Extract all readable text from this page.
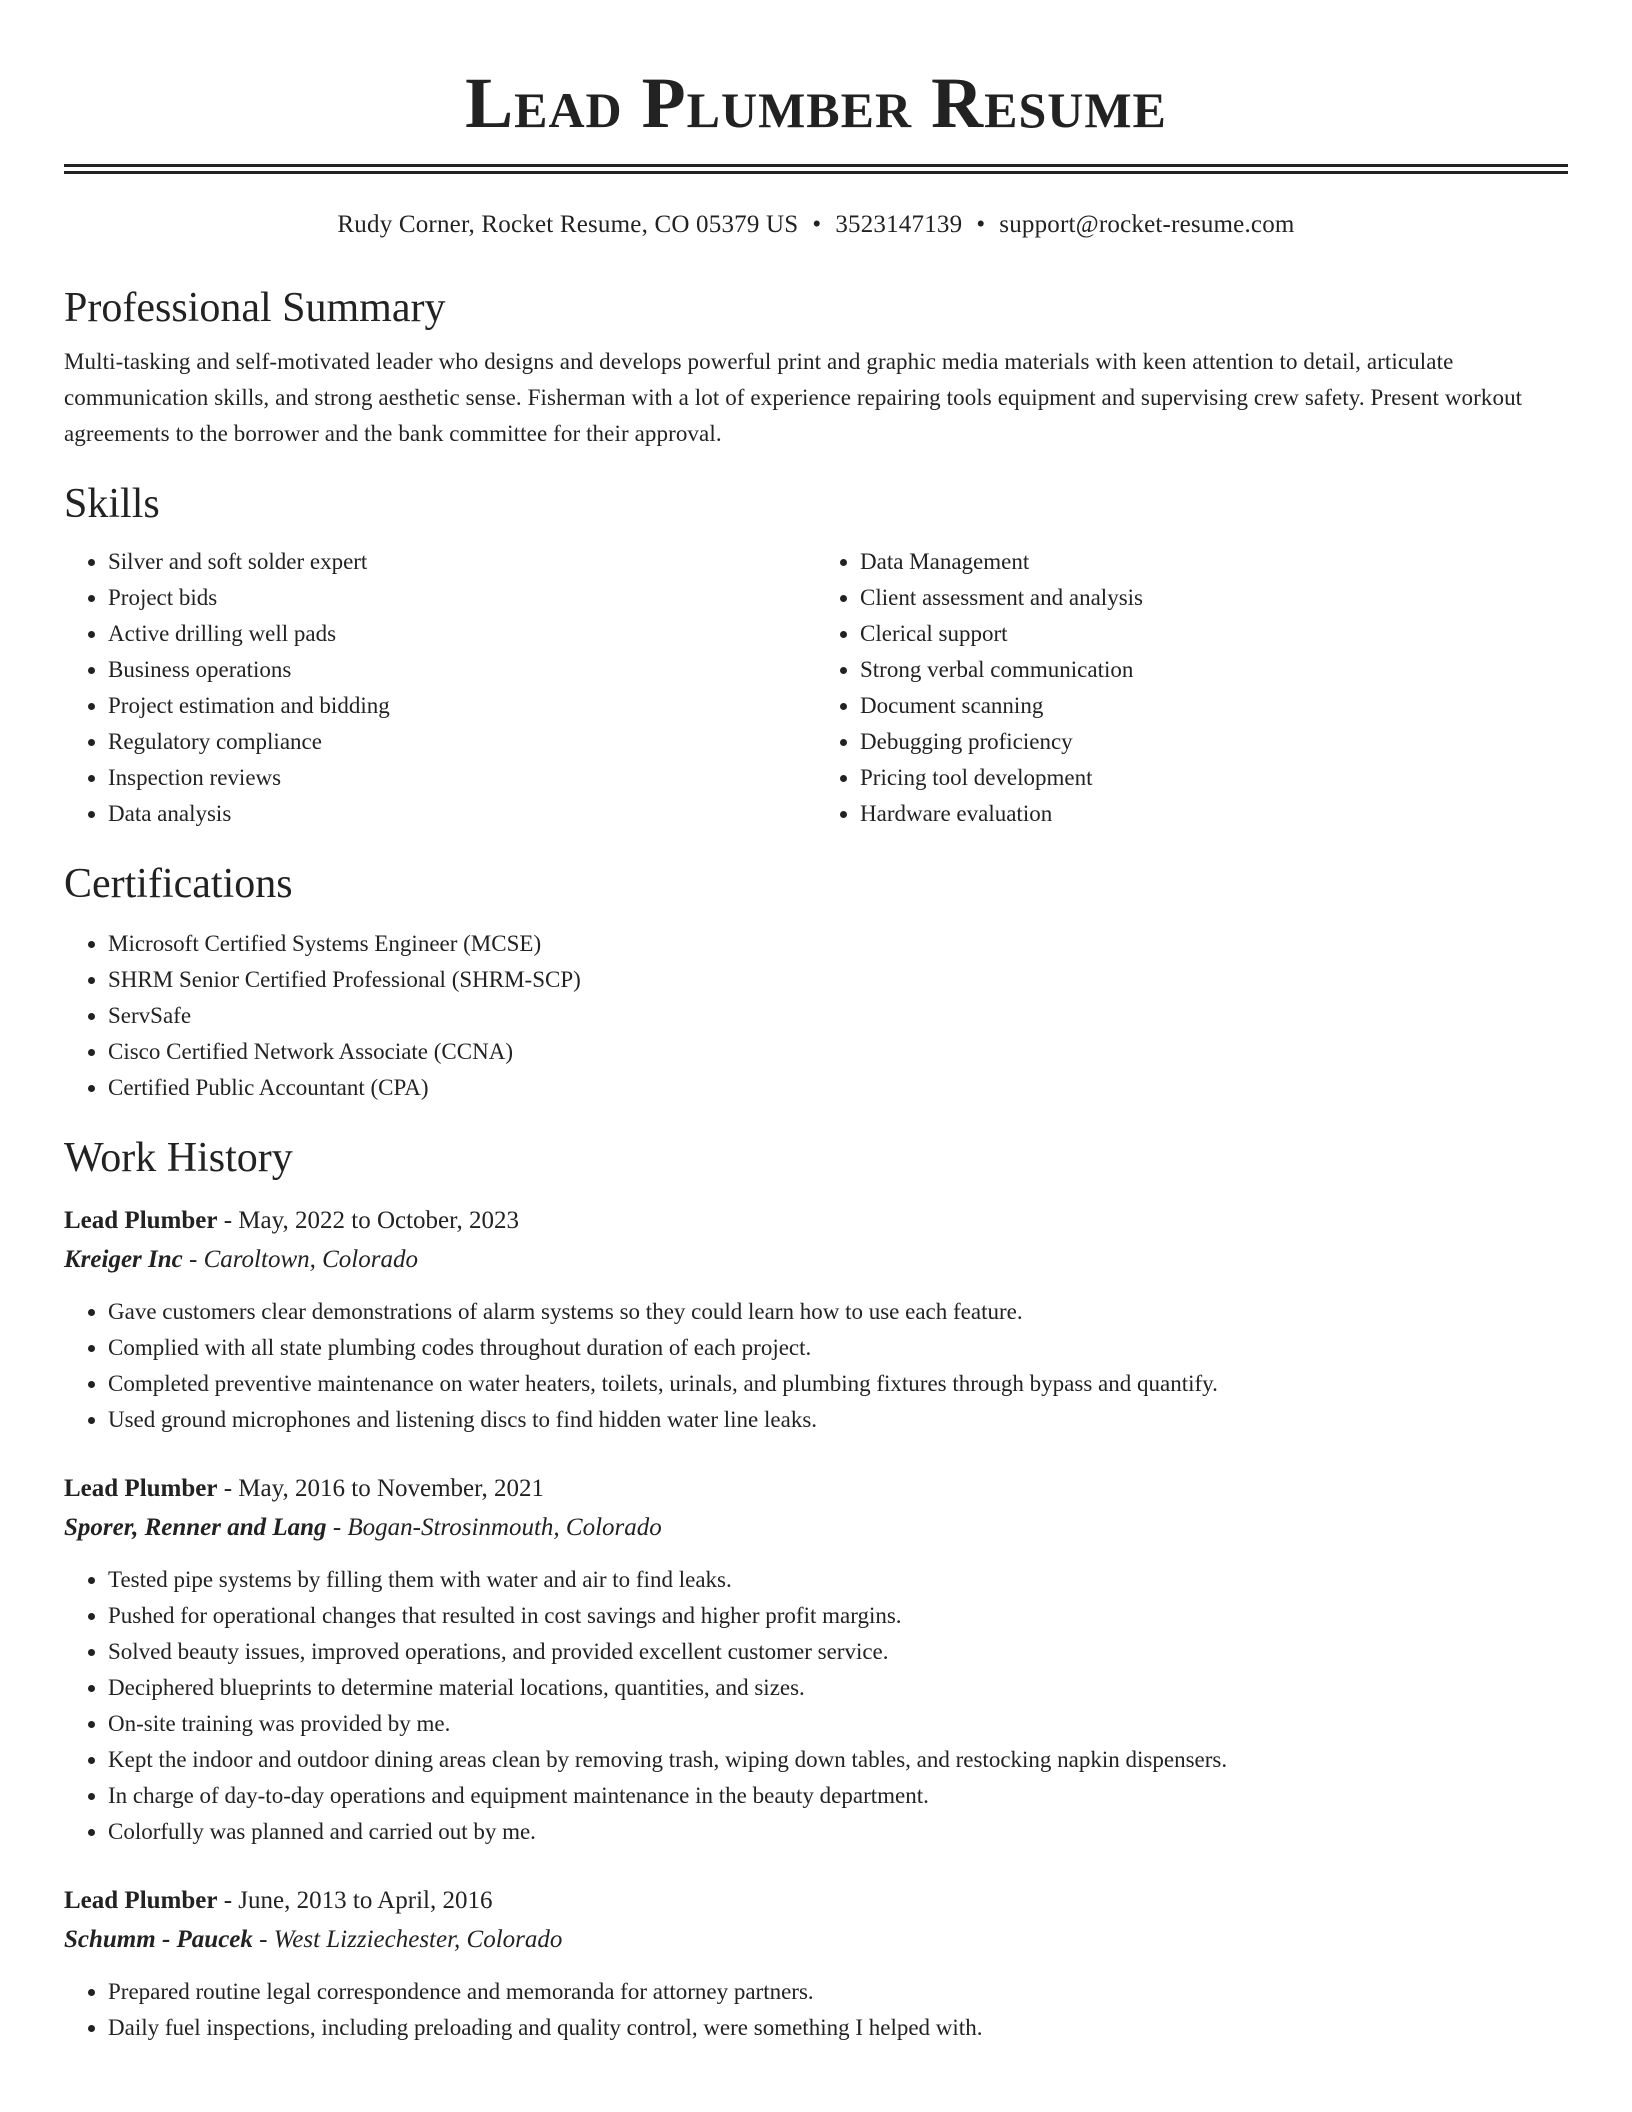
Lead Plumber Resume
Rudy Corner, Rocket Resume, CO 05379 US • 3523147139 • support@rocket-resume.com
Professional Summary
Multi-tasking and self-motivated leader who designs and develops powerful print and graphic media materials with keen attention to detail, articulate communication skills, and strong aesthetic sense. Fisherman with a lot of experience repairing tools equipment and supervising crew safety. Present workout agreements to the borrower and the bank committee for their approval.
Skills
• Silver and soft solder expert
• Project bids
• Active drilling well pads
• Business operations
• Project estimation and bidding
• Regulatory compliance
• Inspection reviews
• Data analysis
• Data Management
• Client assessment and analysis
• Clerical support
• Strong verbal communication
• Document scanning
• Debugging proficiency
• Pricing tool development
• Hardware evaluation
Certifications
• Microsoft Certified Systems Engineer (MCSE)
• SHRM Senior Certified Professional (SHRM-SCP)
• ServSafe
• Cisco Certified Network Associate (CCNA)
• Certified Public Accountant (CPA)
Work History
Lead Plumber - May, 2022 to October, 2023
Kreiger Inc - Caroltown, Colorado
• Gave customers clear demonstrations of alarm systems so they could learn how to use each feature.
• Complied with all state plumbing codes throughout duration of each project.
• Completed preventive maintenance on water heaters, toilets, urinals, and plumbing fixtures through bypass and quantify.
• Used ground microphones and listening discs to find hidden water line leaks.
Lead Plumber - May, 2016 to November, 2021
Sporer, Renner and Lang - Bogan-Strosinmouth, Colorado
• Tested pipe systems by filling them with water and air to find leaks.
• Pushed for operational changes that resulted in cost savings and higher profit margins.
• Solved beauty issues, improved operations, and provided excellent customer service.
• Deciphered blueprints to determine material locations, quantities, and sizes.
• On-site training was provided by me.
• Kept the indoor and outdoor dining areas clean by removing trash, wiping down tables, and restocking napkin dispensers.
• In charge of day-to-day operations and equipment maintenance in the beauty department.
• Colorfully was planned and carried out by me.
Lead Plumber - June, 2013 to April, 2016
Schumm - Paucek - West Lizziechester, Colorado
• Prepared routine legal correspondence and memoranda for attorney partners.
• Daily fuel inspections, including preloading and quality control, were something I helped with.
